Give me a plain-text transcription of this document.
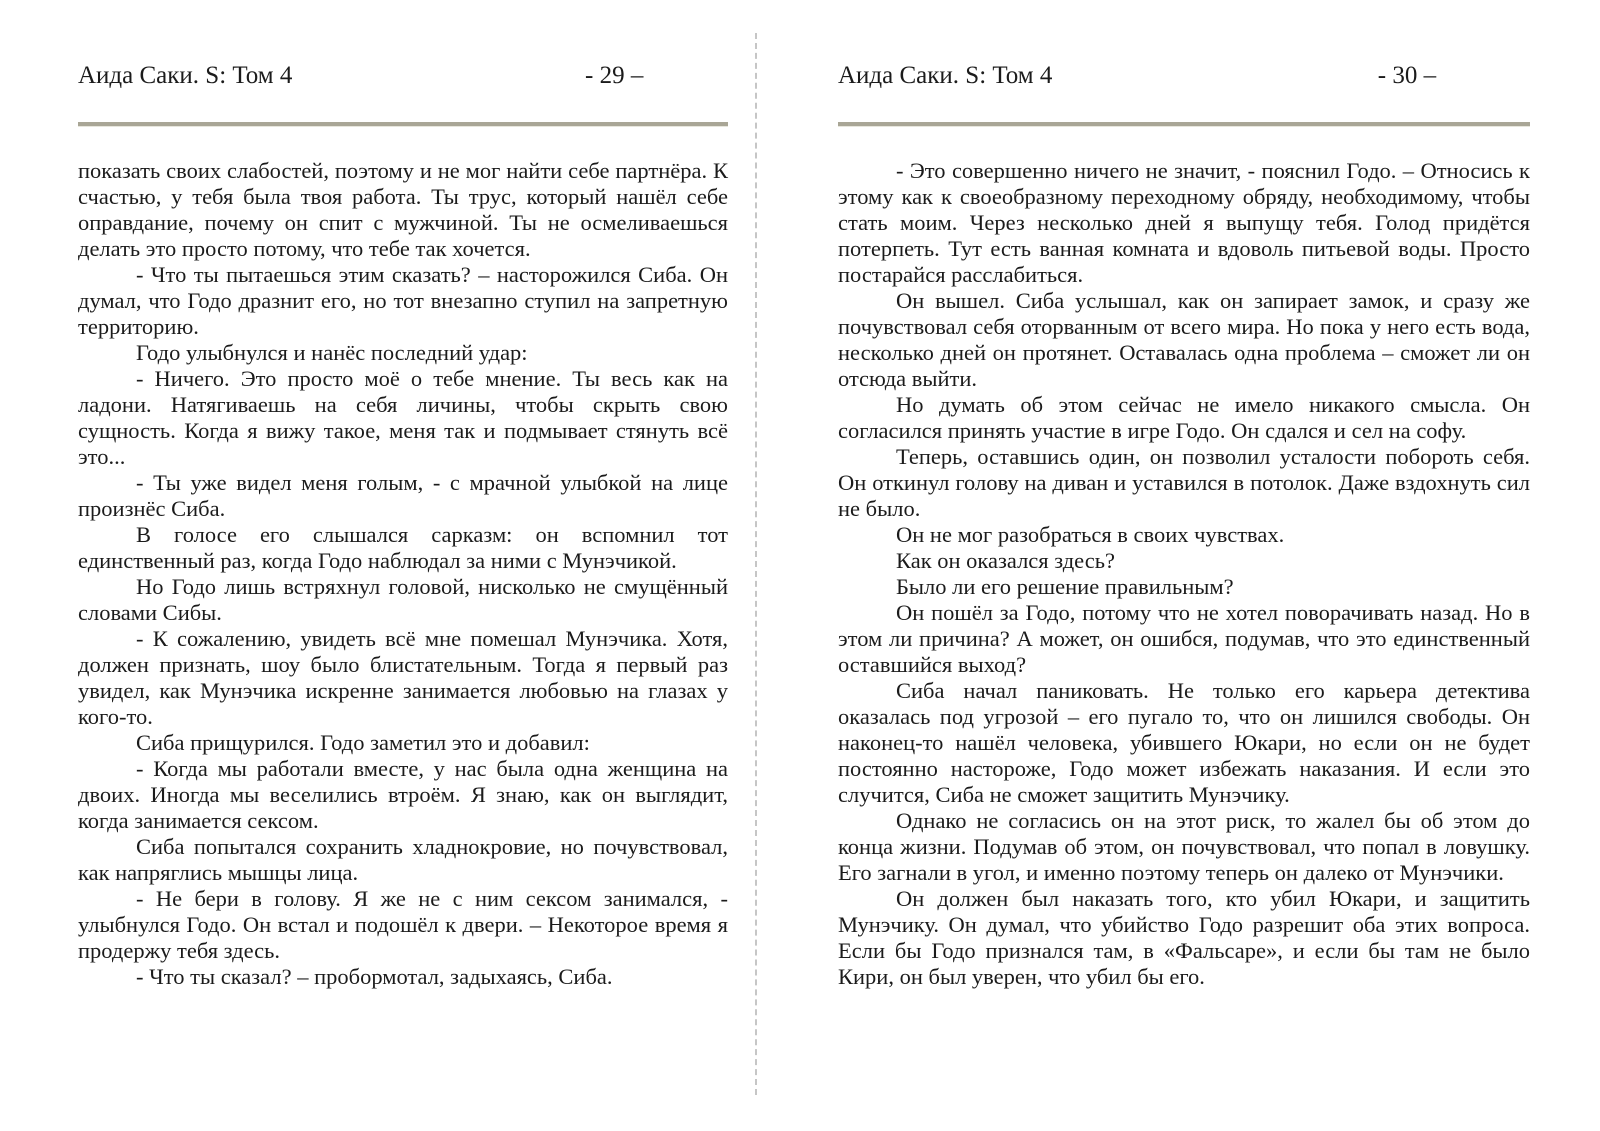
Аида Саки. S: Том 4	- 29 –

показать своих слабостей, поэтому и не мог найти себе партнёра. К счастью, у тебя была твоя работа. Ты трус, который нашёл себе оправдание, почему он спит с мужчиной. Ты не осмеливаешься делать это просто потому, что тебе так хочется.

- Что ты пытаешься этим сказать? – насторожился Сиба. Он думал, что Годо дразнит его, но тот внезапно ступил на запретную территорию.

Годо улыбнулся и нанёс последний удар:

- Ничего. Это просто моё о тебе мнение. Ты весь как на ладони. Натягиваешь на себя личины, чтобы скрыть свою сущность. Когда я вижу такое, меня так и подмывает стянуть всё это...

- Ты уже видел меня голым, - с мрачной улыбкой на лице произнёс Сиба.

В голосе его слышался сарказм: он вспомнил тот единственный раз, когда Годо наблюдал за ними с Мунэчикой.

Но Годо лишь встряхнул головой, нисколько не смущённый словами Сибы.

- К сожалению, увидеть всё мне помешал Мунэчика. Хотя, должен признать, шоу было блистательным. Тогда я первый раз увидел, как Мунэчика искренне занимается любовью на глазах у кого-то.

Сиба прищурился. Годо заметил это и добавил:

- Когда мы работали вместе, у нас была одна женщина на двоих. Иногда мы веселились втроём. Я знаю, как он выглядит, когда занимается сексом.

Сиба попытался сохранить хладнокровие, но почувствовал, как напряглись мышцы лица.

- Не бери в голову. Я же не с ним сексом занимался, - улыбнулся Годо. Он встал и подошёл к двери. – Некоторое время я продержу тебя здесь.

- Что ты сказал? – пробормотал, задыхаясь, Сиба.

Аида Саки. S: Том 4	- 30 –

- Это совершенно ничего не значит, - пояснил Годо. – Относись к этому как к своеобразному переходному обряду, необходимому, чтобы стать моим. Через несколько дней я выпущу тебя. Голод придётся потерпеть. Тут есть ванная комната и вдоволь питьевой воды. Просто постарайся расслабиться.

Он вышел. Сиба услышал, как он запирает замок, и сразу же почувствовал себя оторванным от всего мира. Но пока у него есть вода, несколько дней он протянет. Оставалась одна проблема – сможет ли он отсюда выйти.

Но думать об этом сейчас не имело никакого смысла. Он согласился принять участие в игре Годо. Он сдался и сел на софу.

Теперь, оставшись один, он позволил усталости побороть себя. Он откинул голову на диван и уставился в потолок. Даже вздохнуть сил не было.

Он не мог разобраться в своих чувствах.

Как он оказался здесь?

Было ли его решение правильным?

Он пошёл за Годо, потому что не хотел поворачивать назад. Но в этом ли причина? А может, он ошибся, подумав, что это единственный оставшийся выход?

Сиба начал паниковать. Не только его карьера детектива оказалась под угрозой – его пугало то, что он лишился свободы. Он наконец-то нашёл человека, убившего Юкари, но если он не будет постоянно настороже, Годо может избежать наказания. И если это случится, Сиба не сможет защитить Мунэчику.

Однако не согласись он на этот риск, то жалел бы об этом до конца жизни. Подумав об этом, он почувствовал, что попал в ловушку. Его загнали в угол, и именно поэтому теперь он далеко от Мунэчики.

Он должен был наказать того, кто убил Юкари, и защитить Мунэчику. Он думал, что убийство Годо разрешит оба этих вопроса. Если бы Годо признался там, в «Фальсаре», и если бы там не было Кири, он был уверен, что убил бы его.
